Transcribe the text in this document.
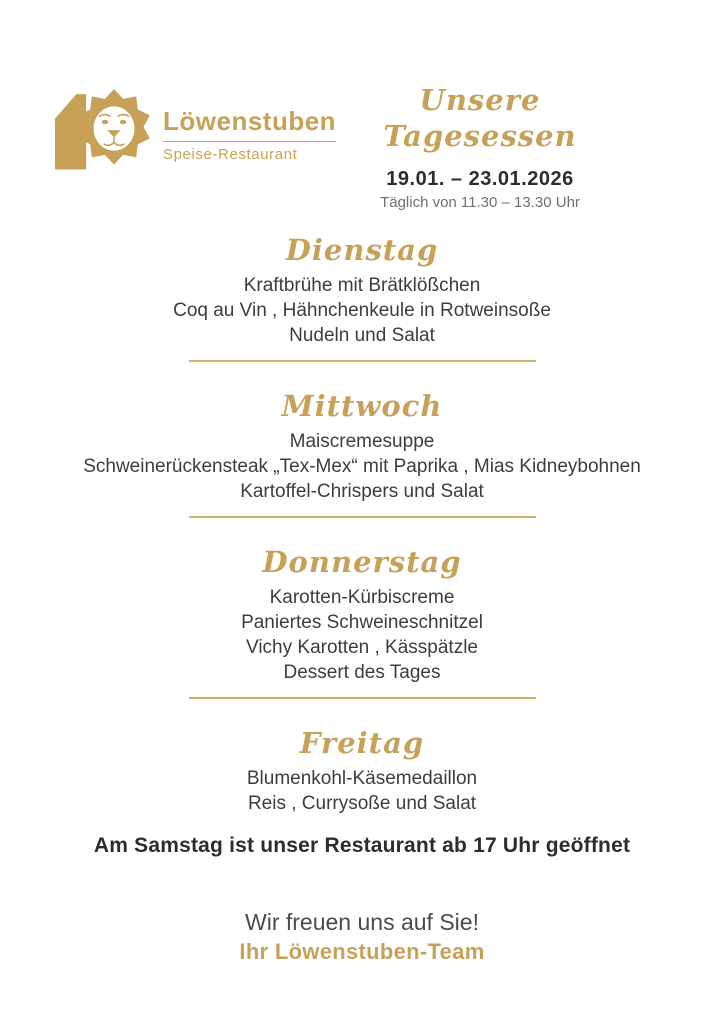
Löwenstuben
Speise-Restaurant
Unsere Tagesessen
19.01. – 23.01.2026
Täglich von 11.30 – 13.30 Uhr
Dienstag
Kraftbrühe mit Brätklößchen
Coq au Vin , Hähnchenkeule in Rotweinsoße
Nudeln und Salat
Mittwoch
Maiscremesuppe
Schweinerückensteak „Tex-Mex“ mit Paprika , Mias Kidneybohnen
Kartoffel-Chrispers und Salat
Donnerstag
Karotten-Kürbiscreme
Paniertes Schweineschnitzel
Vichy Karotten , Kässpätzle
Dessert des Tages
Freitag
Blumenkohl-Käsemedaillon
Reis , Currysoße und Salat
Am Samstag ist unser Restaurant ab 17 Uhr geöffnet
Wir freuen uns auf Sie!
Ihr Löwenstuben-Team
